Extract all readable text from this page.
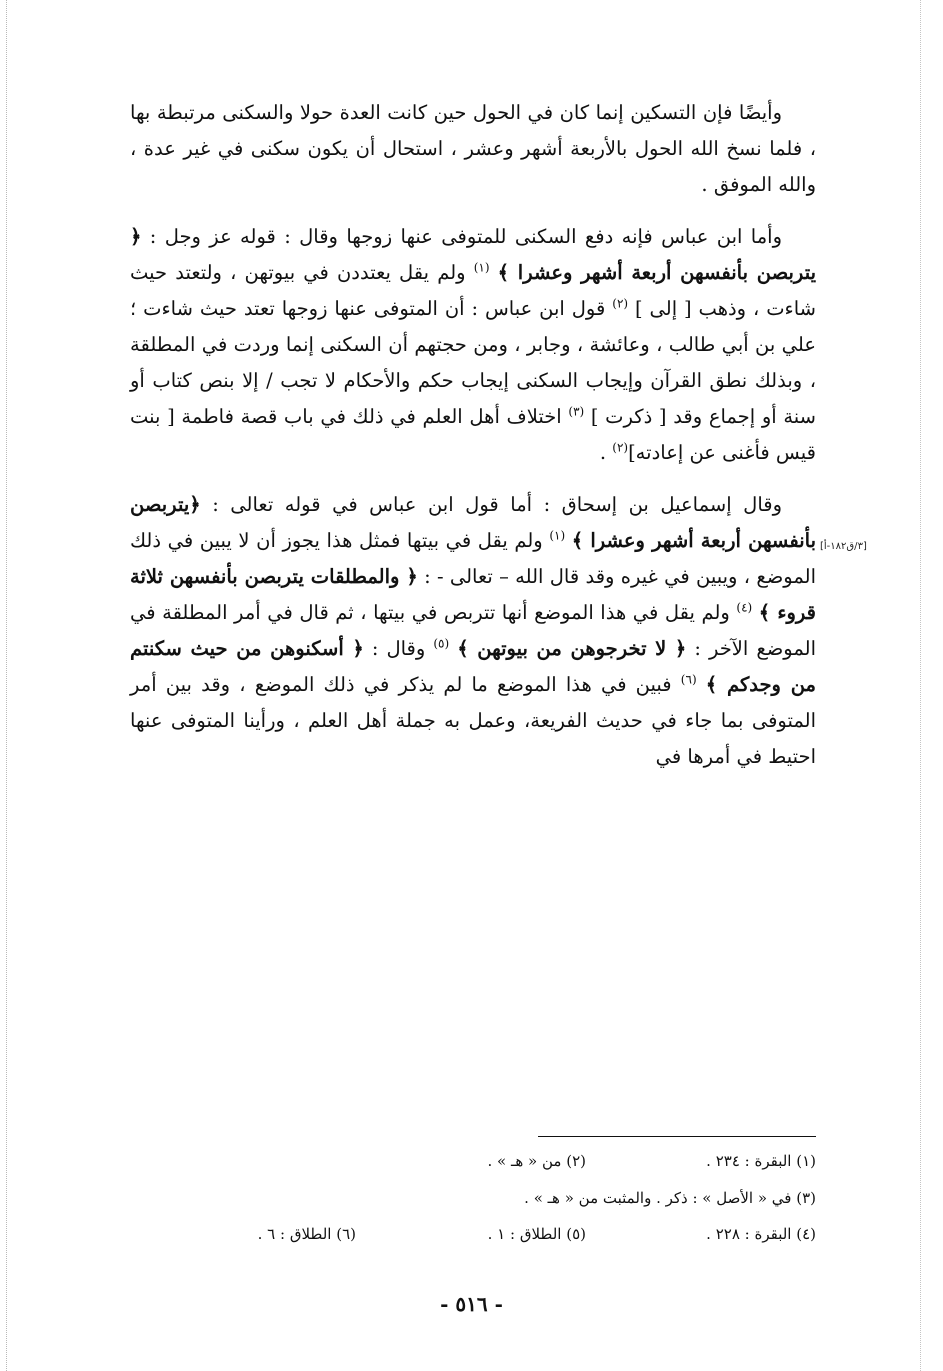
وأيضًا فإن التسكين إنما كان في الحول حين كانت العدة حولا والسكنى مرتبطة بها ، فلما نسخ الله الحول بالأربعة أشهر وعشر ، استحال أن يكون سكنى في غير عدة ، والله الموفق .

وأما ابن عباس فإنه دفع السكنى للمتوفى عنها زوجها وقال : قوله عز وجل : ﴿ يتربصن بأنفسهن أربعة أشهر وعشرا ﴾ $^{(١)}$ ولم يقل يعتددن في بيوتهن ، ولتعتد حيث شاءت ، وذهب [ إلى ] $^{(٢)}$ قول ابن عباس : أن المتوفى عنها زوجها تعتد حيث شاءت ؛ علي بن أبي طالب ، وعائشة ، وجابر ، ومن حجتهم أن السكنى إنما وردت في المطلقة ، وبذلك نطق القرآن وإيجاب السكنى إيجاب حكم والأحكام لا تجب / إلا بنص كتاب أو سنة أو إجماع وقد [ ذكرت ] $^{(٣)}$ اختلاف أهل العلم في ذلك في باب قصة فاطمة [ بنت قيس فأغنى عن إعادته]$^{(٢)}$ .

وقال إسماعيل بن إسحاق : أما قول ابن عباس في قوله تعالى : ﴿يتربصن بأنفسهن أربعة أشهر وعشرا ﴾ $^{(١)}$ ولم يقل في بيتها فمثل هذا يجوز أن لا يبين في ذلك الموضع ، ويبين في غيره وقد قال الله – تعالى - : ﴿ والمطلقات يتربصن بأنفسهن ثلاثة قروء ﴾ $^{(٤)}$ ولم يقل في هذا الموضع أنها تتربص في بيتها ، ثم قال في أمر المطلقة في الموضع الآخر : ﴿ لا تخرجوهن من بيوتهن ﴾ $^{(٥)}$ وقال : ﴿ أسكنوهن من حيث سكنتم من وجدكم ﴾ $^{(٦)}$ فبين في هذا الموضع ما لم يذكر في ذلك الموضع ، وقد بين أمر المتوفى بما جاء في حديث الفريعة، وعمل به جملة أهل العلم ، ورأينا المتوفى عنها احتيط في أمرها في

[٣/ق١٨٢-أ]
(١) البقرة : ٢٣٤ .
(٢) من « هـ » .
(٣) في « الأصل » : ذكر . والمثبت من « هـ » .
(٤) البقرة : ٢٢٨ .
(٥) الطلاق : ١ .
(٦) الطلاق : ٦ .
- ٥١٦ -
